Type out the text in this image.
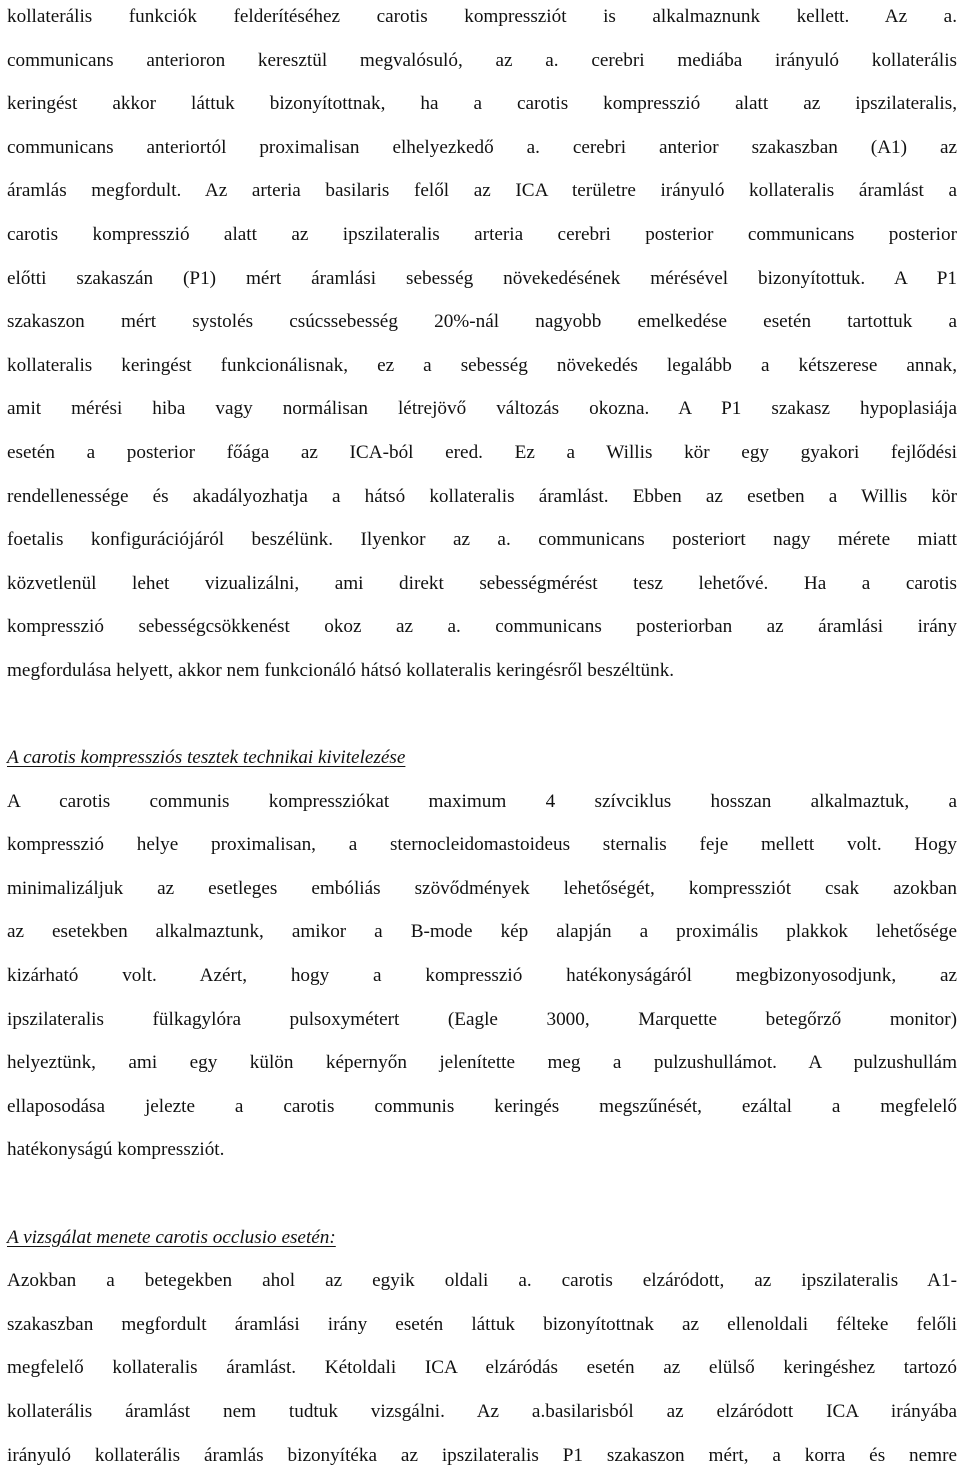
kollaterális funkciók felderítéséhez carotis kompressziót is alkalmaznunk kellett. Az a.
communicans anterioron keresztül megvalósuló, az a. cerebri mediába irányuló kollaterális
keringést akkor láttuk bizonyítottnak, ha a carotis kompresszió alatt az ipszilateralis,
communicans anteriortól proximalisan elhelyezkedő a. cerebri anterior szakaszban (A1) az
áramlás megfordult. Az arteria basilaris felől az ICA területre irányuló kollateralis áramlást a
carotis kompresszió alatt az ipszilateralis arteria cerebri posterior communicans posterior
előtti szakaszán (P1) mért áramlási sebesség növekedésének mérésével bizonyítottuk. A P1
szakaszon mért systolés csúcssebesség 20%-nál nagyobb emelkedése esetén tartottuk a
kollateralis keringést funkcionálisnak, ez a sebesség növekedés legalább a kétszerese annak,
amit mérési hiba vagy normálisan létrejövő változás okozna. A P1 szakasz hypoplasiája
esetén a posterior főága az ICA-ból ered. Ez a Willis kör egy gyakori fejlődési
rendellenessége és akadályozhatja a hátsó kollateralis áramlást. Ebben az esetben a Willis kör
foetalis konfigurációjáról beszélünk. Ilyenkor az a. communicans posteriort nagy mérete miatt
közvetlenül lehet vizualizálni, ami direkt sebességmérést tesz lehetővé. Ha a carotis
kompresszió sebességcsökkenést okoz az a. communicans posteriorban az áramlási irány
megfordulása helyett, akkor nem funkcionáló hátsó kollateralis keringésről beszéltünk.
A carotis kompressziós tesztek technikai kivitelezése
A carotis communis kompressziókat maximum 4 szívciklus hosszan alkalmaztuk, a
kompresszió helye proximalisan, a sternocleidomastoideus sternalis feje mellett volt. Hogy
minimalizáljuk az esetleges embóliás szövődmények lehetőségét, kompressziót csak azokban
az esetekben alkalmaztunk, amikor a B-mode kép alapján a proximális plakkok lehetősége
kizárható volt. Azért, hogy a kompresszió hatékonyságáról megbizonyosodjunk, az
ipszilateralis fülkagylóra pulsoxymétert (Eagle 3000, Marquette betegőrző monitor)
helyeztünk, ami egy külön képernyőn jelenítette meg a pulzushullámot. A pulzushullám
ellaposodása jelezte a carotis communis keringés megszűnését, ezáltal a megfelelő
hatékonyságú kompressziót.
A vizsgálat menete carotis occlusio esetén:
Azokban a betegekben ahol az egyik oldali a. carotis elzáródott, az ipszilateralis A1-
szakaszban megfordult áramlási irány esetén láttuk bizonyítottnak az ellenoldali félteke felőli
megfelelő kollateralis áramlást. Kétoldali ICA elzáródás esetén az elülső keringéshez tartozó
kollaterális áramlást nem tudtuk vizsgálni. Az a.basilarisból az elzáródott ICA irányába
irányuló kollaterális áramlás bizonyítéka az ipszilateralis P1 szakaszon mért, a korra és nemre
